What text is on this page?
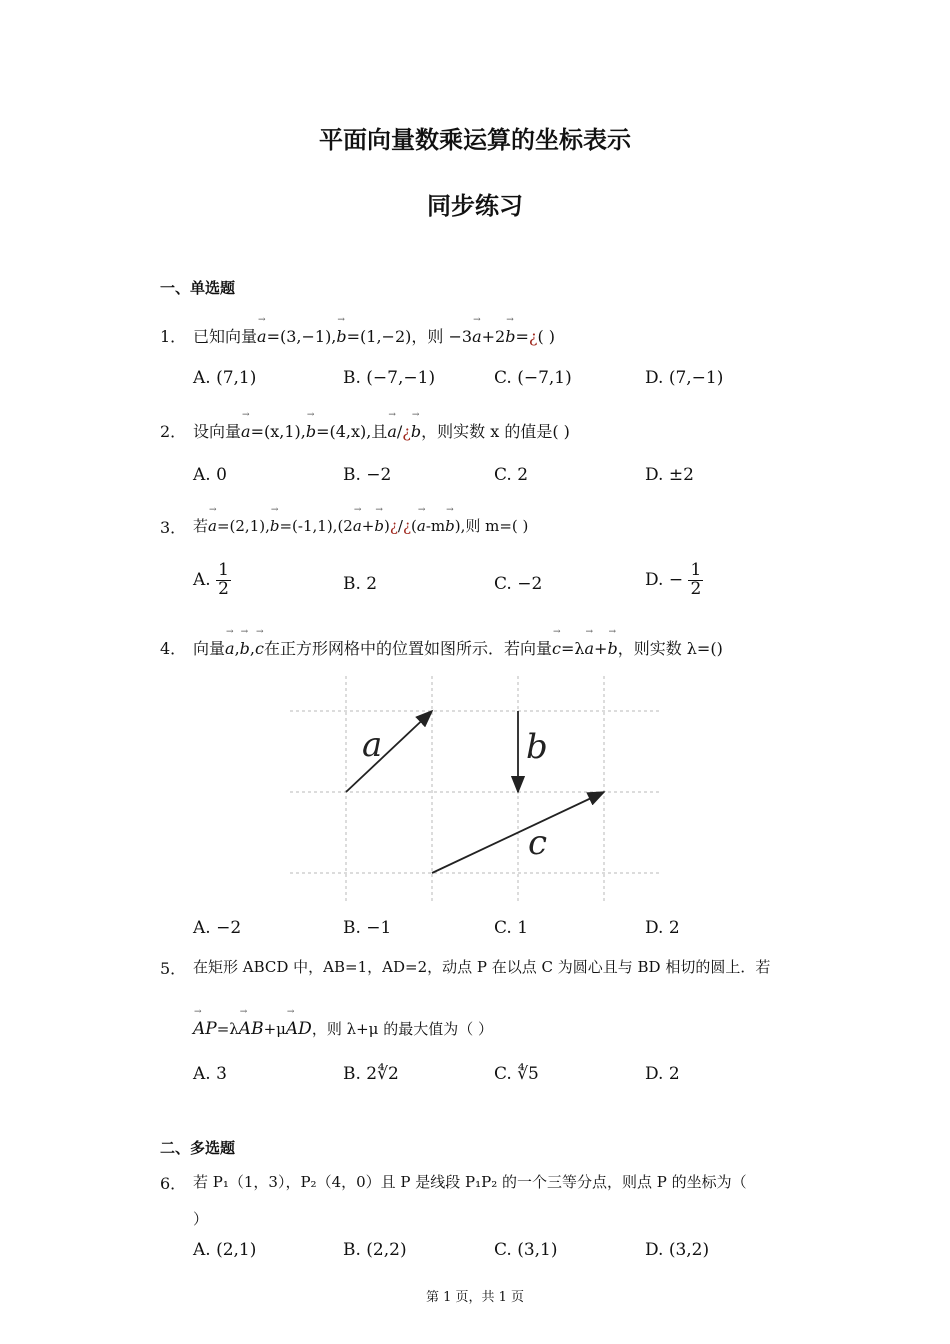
平面向量数乘运算的坐标表示
同步练习
一、单选题
1． 已知向量→ a=(3,−1),→ b=(1,−2)，则 −3→ a+2→ b=¿( )
A. (7,1)	B. (−7,−1)	C. (−7,1)	D. (7,−1)
2． 设向量→ a=(x,1),→ b=(4,x),且→ a/¿→ b，则实数 x 的值是( )
A. 0	B. −2	C. 2	D. ±2
3． 若→ a=(2,1),→ b=(-1,1),(2→ a+→ b)¿/¿(→ a-m→ b),则 m=( )
A. $\frac{1}{2}$	B. 2	C. −2	D. − $\frac{1}{2}$
4． 向量→ a,→ b,→ c在正方形网格中的位置如图所示．若向量→ c=λ→ a+→ b，则实数 λ=()
a	b
c
A. −2	B. −1	C. 1	D. 2
5． 在矩形 ABCD 中，AB=1，AD=2，动点 P 在以点 C 为圆心且与 BD 相切的圆上．若
→ AP=λ→ AB+μ→ AD，则 λ+μ 的最大值为（ ）
A. 3	B. 2∜2	C. ∜5	D. 2
二、多选题
6． 若 P₁（1，3），P₂（4，0）且 P 是线段 P₁P₂ 的一个三等分点，则点 P 的坐标为（
）
A. (2,1)	B. (2,2)	C. (3,1)	D. (3,2)
第 1 页，共 1 页
